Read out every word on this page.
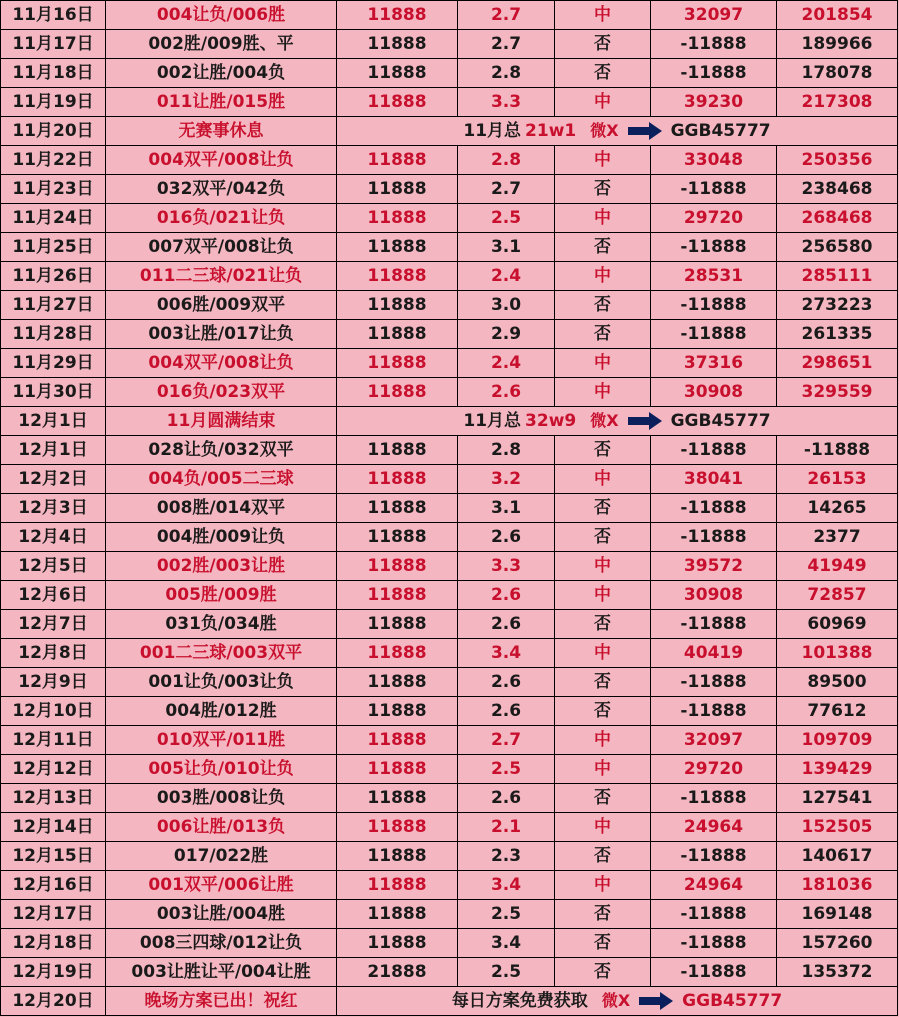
11月16日	004让负/006胜	11888	2.7	中	32097	201854
11月17日	002胜/009胜、平	11888	2.7	否	-11888	189966
11月18日	002让胜/004负	11888	2.8	否	-11888	178078
11月19日	011让胜/015胜	11888	3.3	中	39230	217308
11月20日	无赛事休息	11月总 21w1 微X GGB45777				
11月22日	004双平/008让负	11888	2.8	中	33048	250356
11月23日	032双平/042负	11888	2.7	否	-11888	238468
11月24日	016负/021让负	11888	2.5	中	29720	268468
11月25日	007双平/008让负	11888	3.1	否	-11888	256580
11月26日	011二三球/021让负	11888	2.4	中	28531	285111
11月27日	006胜/009双平	11888	3.0	否	-11888	273223
11月28日	003让胜/017让负	11888	2.9	否	-11888	261335
11月29日	004双平/008让负	11888	2.4	中	37316	298651
11月30日	016负/023双平	11888	2.6	中	30908	329559
12月1日	11月圆满结束	11月总 32w9 微X GGB45777				
12月1日	028让负/032双平	11888	2.8	否	-11888	-11888
12月2日	004负/005二三球	11888	3.2	中	38041	26153
12月3日	008胜/014双平	11888	3.1	否	-11888	14265
12月4日	004胜/009让负	11888	2.6	否	-11888	2377
12月5日	002胜/003让胜	11888	3.3	中	39572	41949
12月6日	005胜/009胜	11888	2.6	中	30908	72857
12月7日	031负/034胜	11888	2.6	否	-11888	60969
12月8日	001二三球/003双平	11888	3.4	中	40419	101388
12月9日	001让负/003让负	11888	2.6	否	-11888	89500
12月10日	004胜/012胜	11888	2.6	否	-11888	77612
12月11日	010双平/011胜	11888	2.7	中	32097	109709
12月12日	005让负/010让负	11888	2.5	中	29720	139429
12月13日	003胜/008让负	11888	2.6	否	-11888	127541
12月14日	006让胜/013负	11888	2.1	中	24964	152505
12月15日	017/022胜	11888	2.3	否	-11888	140617
12月16日	001双平/006让胜	11888	3.4	中	24964	181036
12月17日	003让胜/004胜	11888	2.5	否	-11888	169148
12月18日	008三四球/012让负	11888	3.4	否	-11888	157260
12月19日	003让胜让平/004让胜	21888	2.5	否	-11888	135372
12月20日	晚场方案已出！祝红	每日方案免费获取 微X GGB45777				
